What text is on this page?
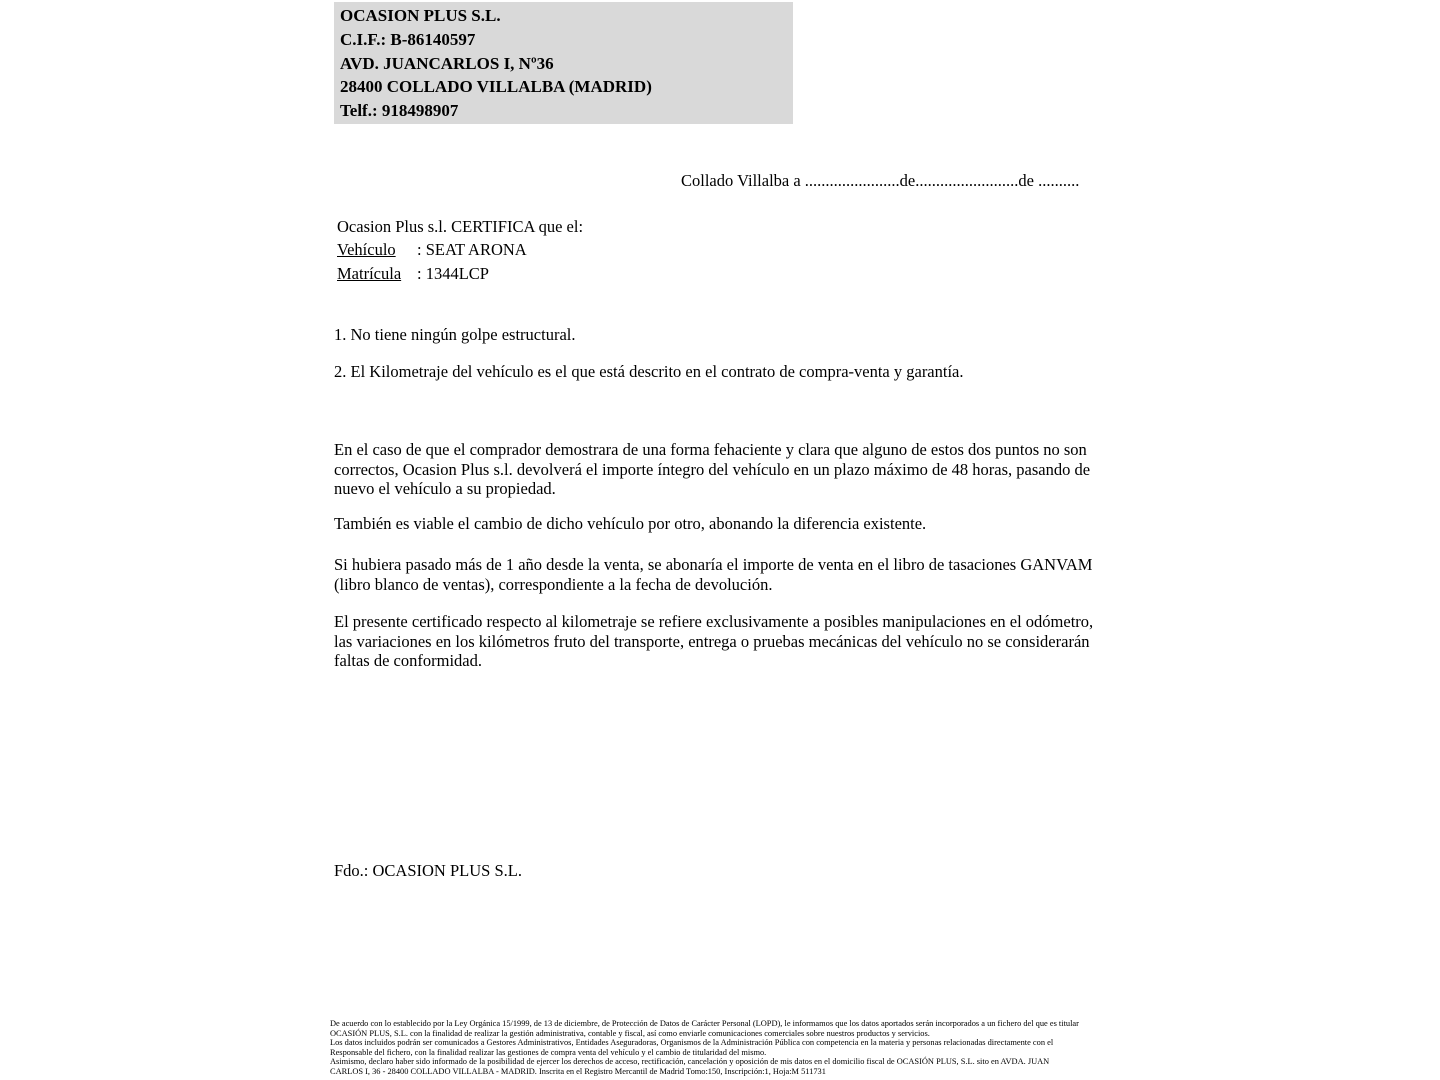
OCASION PLUS S.L.
C.I.F.: B-86140597
AVD. JUANCARLOS I, Nº36
28400 COLLADO VILLALBA (MADRID)
Telf.: 918498907
Collado Villalba a .......................de.........................de ..........
Ocasion Plus s.l. CERTIFICA que el:
Vehículo : SEAT ARONA
Matrícula : 1344LCP
1. No tiene ningún golpe estructural.
2. El Kilometraje del vehículo es el que está descrito en el contrato de compra-venta y garantía.
En el caso de que el comprador demostrara de una forma fehaciente y clara que alguno de estos dos puntos no son correctos, Ocasion Plus s.l. devolverá el importe íntegro del vehículo en un plazo máximo de 48 horas, pasando de nuevo el vehículo a su propiedad.
También es viable el cambio de dicho vehículo por otro, abonando la diferencia existente.
Si hubiera pasado más de 1 año desde la venta, se abonaría el importe de venta en el libro de tasaciones GANVAM (libro blanco de ventas), correspondiente a la fecha de devolución.
El presente certificado respecto al kilometraje se refiere exclusivamente a posibles manipulaciones en el odómetro, las variaciones en los kilómetros fruto del transporte, entrega o pruebas mecánicas del vehículo no se considerarán faltas de conformidad.
Fdo.: OCASION PLUS S.L.
De acuerdo con lo establecido por la Ley Orgánica 15/1999, de 13 de diciembre, de Protección de Datos de Carácter Personal (LOPD), le informamos que los datos aportados serán incorporados a un fichero del que es titular
OCASIÓN PLUS, S.L. con la finalidad de realizar la gestión administrativa, contable y fiscal, así como enviarle comunicaciones comerciales sobre nuestros productos y servicios.
Los datos incluidos podrán ser comunicados a Gestores Administrativos, Entidades Aseguradoras, Organismos de la Administración Pública con competencia en la materia y personas relacionadas directamente con el
Responsable del fichero, con la finalidad realizar las gestiones de compra venta del vehículo y el cambio de titularidad del mismo.
Asimismo, declaro haber sido informado de la posibilidad de ejercer los derechos de acceso, rectificación, cancelación y oposición de mis datos en el domicilio fiscal de OCASIÓN PLUS, S.L. sito en AVDA. JUAN
CARLOS I, 36 - 28400 COLLADO VILLALBA - MADRID. Inscrita en el Registro Mercantil de Madrid Tomo:150, Inscripción:1, Hoja:M 511731
